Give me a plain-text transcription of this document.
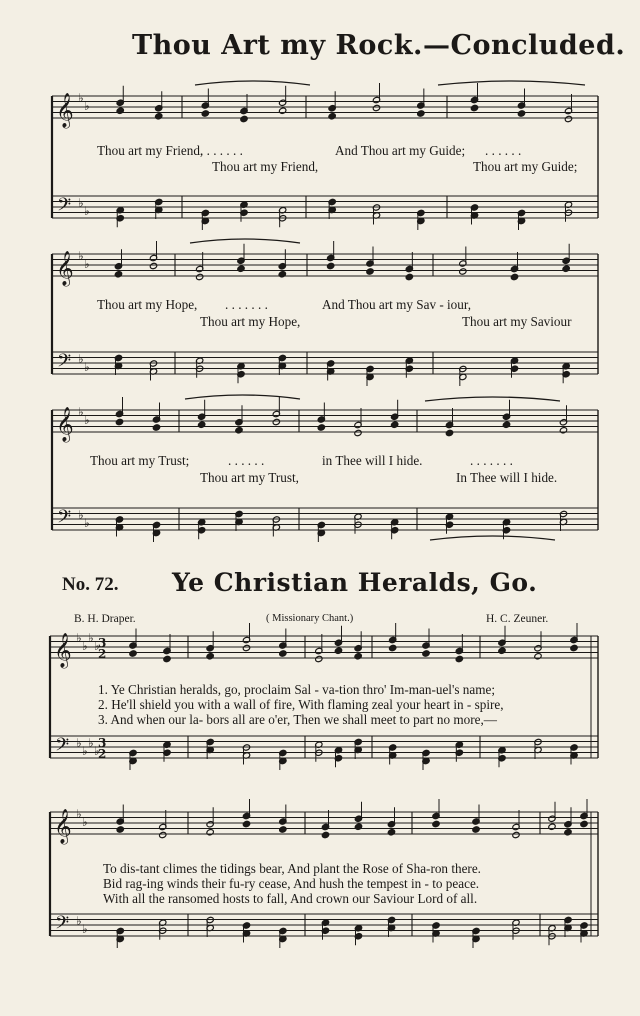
𝄞
𝄢
♭
♭
♭
♭
𝄞
𝄢
♭
♭
♭
♭
𝄞
𝄢
♭
♭
♭
♭
𝄞
𝄢
♭
♭
♭
♭
♭
♭
♭
♭
3
2
3
2
𝄞
𝄢
♭
♭
♭
♭
Thou Art my Rock.—Concluded.
Thou art my Friend,
. . . . . . .	And Thou art my Guide; . . . . . .
Thou art my Friend,	Thou art my Guide;
Thou art my Hope, . . . . . . .	And Thou art my Sav - iour,
Thou art my Hope,	Thou art my Saviour
Thou art my Trust;	. . . . . .	in Thee will I hide.	. . . . . . .
Thou art my Trust,	In Thee will I hide.
No. 72. Ye Christian Heralds, Go.
B. H. Draper.	( Missionary Chant.)	H. C. Zeuner.
1. Ye Christian heralds, go, proclaim Sal - va-tion thro' Im-man-uel's name;
2. He'll shield you with a wall of fire, With flaming zeal your heart in - spire,
3. And when our la- bors all are o'er, Then we shall meet to part no more,—
To dis-tant climes the tidings bear, And plant the Rose of Sha-ron there.
Bid rag-ing winds their fu-ry cease, And hush the tempest in - to peace.
With all the ransomed hosts to fall, And crown our Saviour Lord of all.
